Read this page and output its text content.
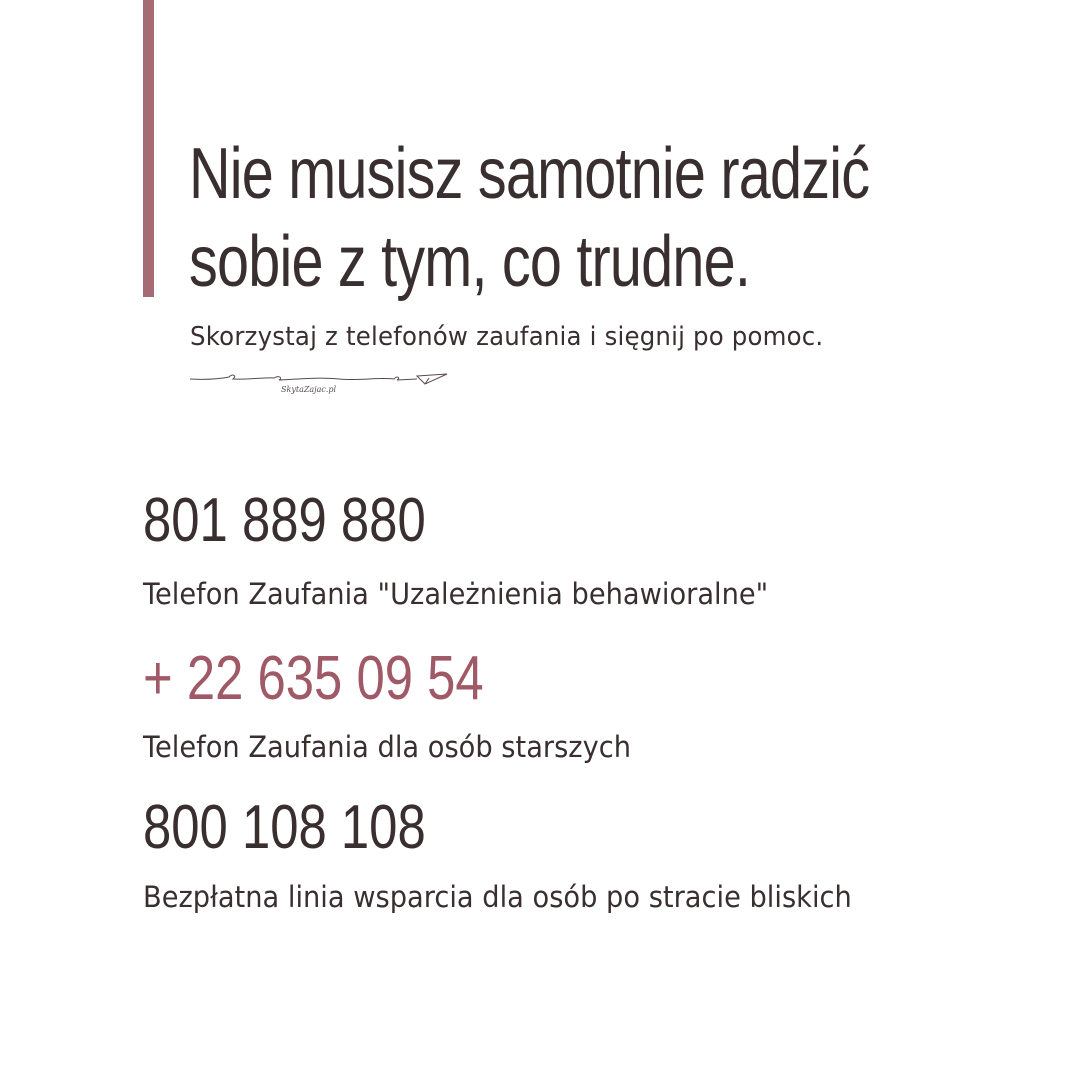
Nie musisz samotnie radzić
sobie z tym, co trudne.

Skorzystaj z telefonów zaufania i sięgnij po pomoc.

SkytaZajac.pl

801 889 880

Telefon Zaufania "Uzależnienia behawioralne"

+ 22 635 09 54

Telefon Zaufania dla osób starszych

800 108 108

Bezpłatna linia wsparcia dla osób po stracie bliskich
